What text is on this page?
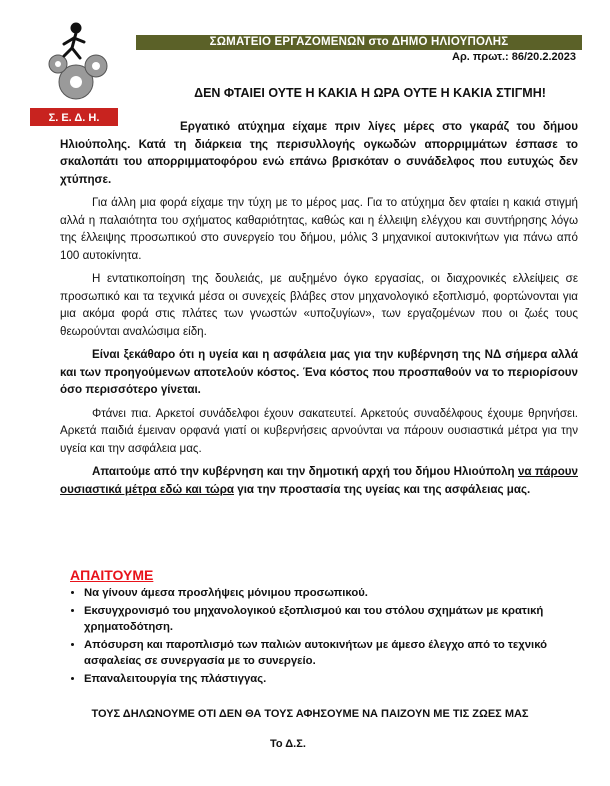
Σ. Ε. Δ. Η.
ΣΩΜΑΤΕΙΟ ΕΡΓΑΖΟΜΕΝΩΝ στο ΔΗΜΟ ΗΛΙΟΥΠΟΛΗΣ
Αρ. πρωτ.: 86/20.2.2023
ΔΕΝ ΦΤΑΙΕΙ ΟΥΤΕ Η ΚΑΚΙΑ Η ΩΡΑ ΟΥΤΕ Η ΚΑΚΙΑ ΣΤΙΓΜΗ!

Εργατικό ατύχημα είχαμε πριν λίγες μέρες στο γκαράζ του δήμου Ηλιούπολης. Κατά τη διάρκεια της περισυλλογής ογκωδών απορριμμάτων έσπασε το σκαλοπάτι του απορριμματοφόρου ενώ επάνω βρισκόταν ο συνάδελφος που ευτυχώς δεν χτύπησε.

Για άλλη μια φορά είχαμε την τύχη με το μέρος μας. Για το ατύχημα δεν φταίει η κακιά στιγμή αλλά η παλαιότητα του σχήματος καθαριότητας, καθώς και η έλλειψη ελέγχου και συντήρησης λόγω της έλλειψης προσωπικού στο συνεργείο του δήμου, μόλις 3 μηχανικοί αυτοκινήτων για πάνω από 100 αυτοκίνητα.

Η εντατικοποίηση της δουλειάς, με αυξημένο όγκο εργασίας, οι διαχρονικές ελλείψεις σε προσωπικό και τα τεχνικά μέσα οι συνεχείς βλάβες στον μηχανολογικό εξοπλισμό, φορτώνονται για μια ακόμα φορά στις πλάτες των γνωστών «υποζυγίων», των εργαζομένων που οι ζωές τους θεωρούνται αναλώσιμα είδη.

Είναι ξεκάθαρο ότι η υγεία και η ασφάλεια μας για την κυβέρνηση της ΝΔ σήμερα αλλά και των προηγούμενων αποτελούν κόστος. Ένα κόστος που προσπαθούν να το περιορίσουν όσο περισσότερο γίνεται.

Φτάνει πια. Αρκετοί συνάδελφοι έχουν σακατευτεί. Αρκετούς συναδέλφους έχουμε θρηνήσει. Αρκετά παιδιά έμειναν ορφανά γιατί οι κυβερνήσεις αρνούνται να πάρουν ουσιαστικά μέτρα για την υγεία και την ασφάλεια μας.

Απαιτούμε από την κυβέρνηση και την δημοτική αρχή του δήμου Ηλιούπολη να πάρουν ουσιαστικά μέτρα εδώ και τώρα για την προστασία της υγείας και της ασφάλειας μας.

ΑΠΑΙΤΟΥΜΕ
• Να γίνουν άμεσα προσλήψεις μόνιμου προσωπικού.
• Εκσυγχρονισμό του μηχανολογικού εξοπλισμού και του στόλου σχημάτων με κρατική χρηματοδότηση.
• Απόσυρση και παροπλισμό των παλιών αυτοκινήτων με άμεσο έλεγχο από το τεχνικό ασφαλείας σε συνεργασία με το συνεργείο.
• Επαναλειτουργία της πλάστιγγας.
ΤΟΥΣ ΔΗΛΩΝΟΥΜΕ ΟΤΙ ΔΕΝ ΘΑ ΤΟΥΣ ΑΦΗΣΟΥΜΕ ΝΑ ΠΑΙΖΟΥΝ ΜΕ ΤΙΣ ΖΩΕΣ ΜΑΣ
Το Δ.Σ.
